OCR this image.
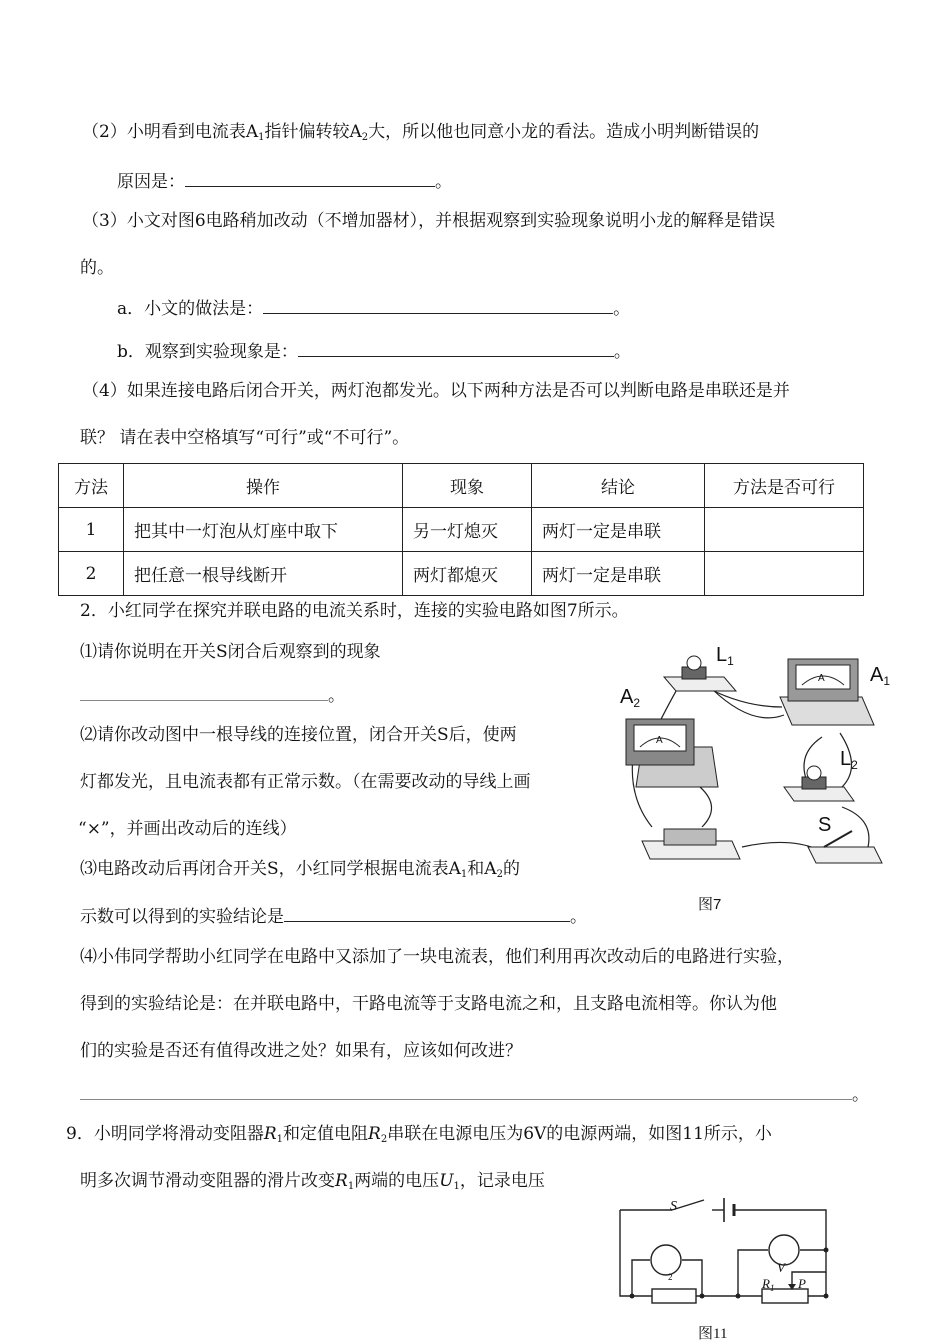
（2）小明看到电流表$A_1$指针偏转较$A_2$大，所以他也同意小龙的看法。造成小明判断错误的
原因是：	。
（3）小文对图6电路稍加改动（不增加器材），并根据观察到实验现象说明小龙的解释是错误
的。
a．小文的做法是：	。
b．观察到实验现象是：	。
（4）如果连接电路后闭合开关，两灯泡都发光。以下两种方法是否可以判断电路是串联还是并
联？ 请在表中空格填写“可行”或“不可行”。
方法	操作	现象	结论	方法是否可行
1	把其中一灯泡从灯座中取下	另一灯熄灭	两灯一定是串联	
2	把任意一根导线断开	两灯都熄灭	两灯一定是串联	
2．小红同学在探究并联电路的电流关系时，连接的实验电路如图7所示。
⑴请你说明在开关S闭合后观察到的现象
。
⑵请你改动图中一根导线的连接位置，闭合开关S后，使两
灯都发光，且电流表都有正常示数。（在需要改动的导线上画
“×”，并画出改动后的连线）
⑶电路改动后再闭合开关S，小红同学根据电流表$A_1$和$A_2$的
示数可以得到的实验结论是	。
⑷小伟同学帮助小红同学在电路中又添加了一块电流表，他们利用再次改动后的电路进行实验，
得到的实验结论是：在并联电路中，干路电流等于支路电流之和，且支路电流相等。你认为他
们的实验是否还有值得改进之处？如果有，应该如何改进？
。
$L_1$
$A_1$
$A_2$
$L_2$
S
A
A
图7
9．小明同学将滑动变阻器$R_1$和定值电阻$R_2$串联在电源电压为6V的电源两端，如图11所示，小
明多次调节滑动变阻器的滑片改变$R_1$两端的电压$U_1$，记录电压
S
V
$R_1$ P
2
图11
